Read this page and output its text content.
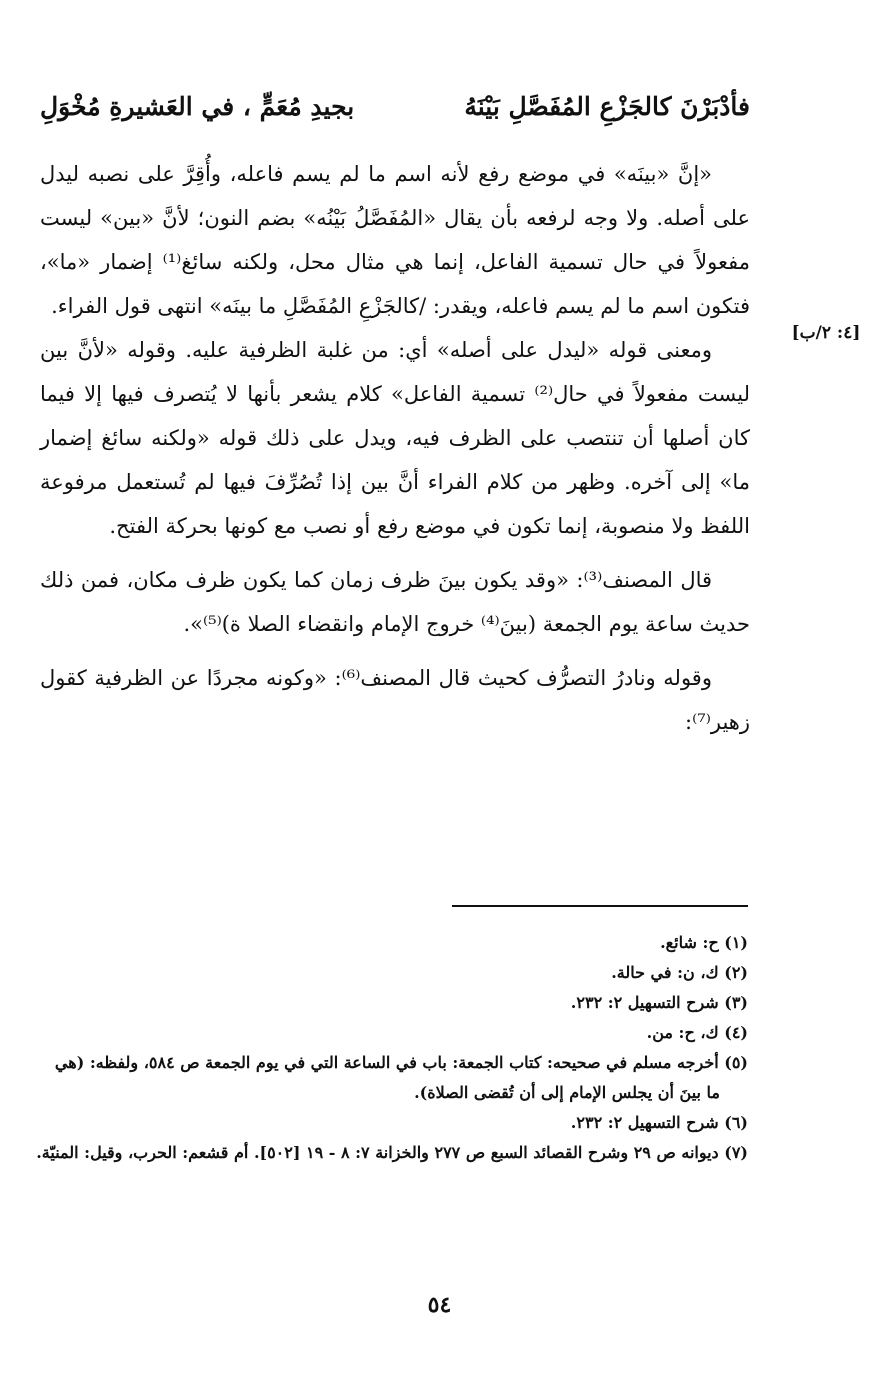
فأدْبَرْنَ كالجَزْعِ المُفَصَّلِ بَيْنَهُ
بجيدِ مُعَمٍّ ، في العَشيرةِ مُخْوَلِ
[٤: ٢/ب]

«إنَّ «بينَه» في موضع رفع لأنه اسم ما لم يسم فاعله، وأُقِرَّ على نصبه ليدل على أصله. ولا وجه لرفعه بأن يقال «المُفَصَّلُ بَيْنُه» بضم النون؛ لأنَّ «بين» ليست مفعولاً في حال تسمية الفاعل، إنما هي مثال محل، ولكنه سائغ⁽¹⁾ إضمار «ما»، فتكون اسم ما لم يسم فاعله، ويقدر: /كالجَزْعِ المُفَصَّلِ ما بينَه» انتهى قول الفراء.

ومعنى قوله «ليدل على أصله» أي: من غلبة الظرفية عليه. وقوله «لأنَّ بين ليست مفعولاً في حال⁽²⁾ تسمية الفاعل» كلام يشعر بأنها لا يُتصرف فيها إلا فيما كان أصلها أن تنتصب على الظرف فيه، ويدل على ذلك قوله «ولكنه سائغ إضمار ما» إلى آخره. وظهر من كلام الفراء أنَّ بين إذا تُصُرِّفَ فيها لم تُستعمل مرفوعة اللفظ ولا منصوبة، إنما تكون في موضع رفع أو نصب مع كونها بحركة الفتح.

قال المصنف⁽³⁾: «وقد يكون بينَ ظرف زمان كما يكون ظرف مكان، فمن ذلك حديث ساعة يوم الجمعة (بينَ⁽⁴⁾ خروج الإمام وانقضاء الصلا ة)⁽⁵⁾».

وقوله ونادرُ التصرُّف كحيث قال المصنف⁽⁶⁾: «وكونه مجردًا عن الظرفية كقول زهير⁽⁷⁾:

(١) ح: شائع.

(٢) ك، ن: في حالة.

(٣) شرح التسهيل ٢: ٢٣٢.

(٤) ك، ح: من.

(٥) أخرجه مسلم في صحيحه: كتاب الجمعة: باب في الساعة التي في يوم الجمعة ص ٥٨٤، ولفظه: (هي ما بينَ أن يجلس الإمام إلى أن تُقضى الصلاة).

(٦) شرح التسهيل ٢: ٢٣٢.

(٧) ديوانه ص ٢٩ وشرح القصائد السبع ص ٢٧٧ والخزانة ٧: ٨ - ١٩ [٥٠٢]. أم قشعم: الحرب، وقيل: المنيّة.

٥٤
